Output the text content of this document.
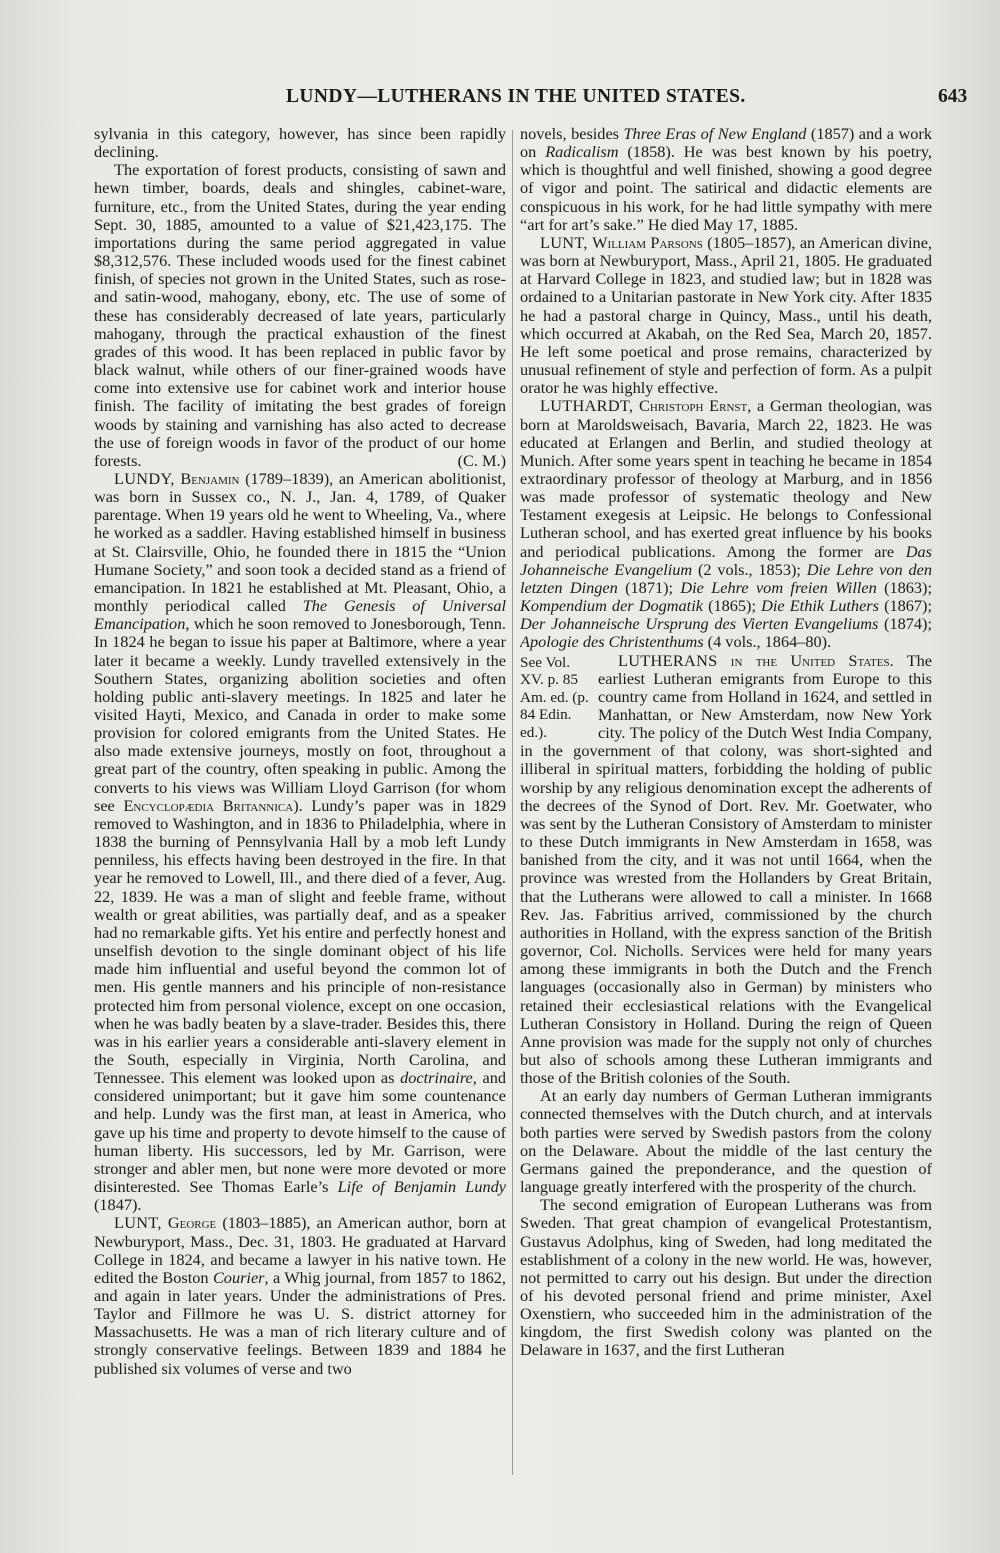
LUNDY—LUTHERANS IN THE UNITED STATES.	643

sylvania in this category, however, has since been rapidly declining.

The exportation of forest products, consisting of sawn and hewn timber, boards, deals and shingles, cabinet-ware, furniture, etc., from the United States, during the year ending Sept. 30, 1885, amounted to a value of $21,423,175. The importations during the same period aggregated in value $8,312,576. These included woods used for the finest cabinet finish, of species not grown in the United States, such as rose- and satin-wood, mahogany, ebony, etc. The use of some of these has considerably decreased of late years, particularly mahogany, through the practical exhaustion of the finest grades of this wood. It has been replaced in public favor by black walnut, while others of our finer-grained woods have come into extensive use for cabinet work and interior house finish. The facility of imitating the best grades of foreign woods by staining and varnishing has also acted to decrease the use of foreign woods in favor of the product of our home forests.	(C. M.)

LUNDY, Benjamin (1789–1839), an American abolitionist, was born in Sussex co., N. J., Jan. 4, 1789, of Quaker parentage. When 19 years old he went to Wheeling, Va., where he worked as a saddler. Having established himself in business at St. Clairsville, Ohio, he founded there in 1815 the “Union Humane Society,” and soon took a decided stand as a friend of emancipation. In 1821 he established at Mt. Pleasant, Ohio, a monthly periodical called The Genesis of Universal Emancipation, which he soon removed to Jonesborough, Tenn. In 1824 he began to issue his paper at Baltimore, where a year later it became a weekly. Lundy travelled extensively in the Southern States, organizing abolition societies and often holding public anti-slavery meetings. In 1825 and later he visited Hayti, Mexico, and Canada in order to make some provision for colored emigrants from the United States. He also made extensive journeys, mostly on foot, throughout a great part of the country, often speaking in public. Among the converts to his views was William Lloyd Garrison (for whom see Encyclopædia Britannica). Lundy’s paper was in 1829 removed to Washington, and in 1836 to Philadelphia, where in 1838 the burning of Pennsylvania Hall by a mob left Lundy penniless, his effects having been destroyed in the fire. In that year he removed to Lowell, Ill., and there died of a fever, Aug. 22, 1839. He was a man of slight and feeble frame, without wealth or great abilities, was partially deaf, and as a speaker had no remarkable gifts. Yet his entire and perfectly honest and unselfish devotion to the single dominant object of his life made him influential and useful beyond the common lot of men. His gentle manners and his principle of non-resistance protected him from personal violence, except on one occasion, when he was badly beaten by a slave-trader. Besides this, there was in his earlier years a considerable anti-slavery element in the South, especially in Virginia, North Carolina, and Tennessee. This element was looked upon as doctrinaire, and considered unimportant; but it gave him some countenance and help. Lundy was the first man, at least in America, who gave up his time and property to devote himself to the cause of human liberty. His successors, led by Mr. Garrison, were stronger and abler men, but none were more devoted or more disinterested. See Thomas Earle’s Life of Benjamin Lundy (1847).

LUNT, George (1803–1885), an American author, born at Newburyport, Mass., Dec. 31, 1803. He graduated at Harvard College in 1824, and became a lawyer in his native town. He edited the Boston Courier, a Whig journal, from 1857 to 1862, and again in later years. Under the administrations of Pres. Taylor and Fillmore he was U. S. district attorney for Massachusetts. He was a man of rich literary culture and of strongly conservative feelings. Between 1839 and 1884 he published six volumes of verse and two

novels, besides Three Eras of New England (1857) and a work on Radicalism (1858). He was best known by his poetry, which is thoughtful and well finished, showing a good degree of vigor and point. The satirical and didactic elements are conspicuous in his work, for he had little sympathy with mere “art for art’s sake.” He died May 17, 1885.

LUNT, William Parsons (1805–1857), an American divine, was born at Newburyport, Mass., April 21, 1805. He graduated at Harvard College in 1823, and studied law; but in 1828 was ordained to a Unitarian pastorate in New York city. After 1835 he had a pastoral charge in Quincy, Mass., until his death, which occurred at Akabah, on the Red Sea, March 20, 1857. He left some poetical and prose remains, characterized by unusual refinement of style and perfection of form. As a pulpit orator he was highly effective.

LUTHARDT, Christoph Ernst, a German theologian, was born at Maroldsweisach, Bavaria, March 22, 1823. He was educated at Erlangen and Berlin, and studied theology at Munich. After some years spent in teaching he became in 1854 extraordinary professor of theology at Marburg, and in 1856 was made professor of systematic theology and New Testament exegesis at Leipsic. He belongs to Confessional Lutheran school, and has exerted great influence by his books and periodical publications. Among the former are Das Johanneische Evangelium (2 vols., 1853); Die Lehre von den letzten Dingen (1871); Die Lehre vom freien Willen (1863); Kompendium der Dogmatik (1865); Die Ethik Luthers (1867); Der Johanneische Ursprung des Vierten Evangeliums (1874); Apologie des Christenthums (4 vols., 1864–80).

LUTHERANS in the United States.
See Vol. XV. p. 85 Am. ed. (p. 84 Edin. ed.).
The earliest Lutheran emigrants from Europe to this country came from Holland in 1624, and settled in Manhattan, or New Amsterdam, now New York city. The policy of the Dutch West India Company, in the government of that colony, was short-sighted and illiberal in spiritual matters, forbidding the holding of public worship by any religious denomination except the adherents of the decrees of the Synod of Dort. Rev. Mr. Goetwater, who was sent by the Lutheran Consistory of Amsterdam to minister to these Dutch immigrants in New Amsterdam in 1658, was banished from the city, and it was not until 1664, when the province was wrested from the Hollanders by Great Britain, that the Lutherans were allowed to call a minister. In 1668 Rev. Jas. Fabritius arrived, commissioned by the church authorities in Holland, with the express sanction of the British governor, Col. Nicholls. Services were held for many years among these immigrants in both the Dutch and the French languages (occasionally also in German) by ministers who retained their ecclesiastical relations with the Evangelical Lutheran Consistory in Holland. During the reign of Queen Anne provision was made for the supply not only of churches but also of schools among these Lutheran immigrants and those of the British colonies of the South.

At an early day numbers of German Lutheran immigrants connected themselves with the Dutch church, and at intervals both parties were served by Swedish pastors from the colony on the Delaware. About the middle of the last century the Germans gained the preponderance, and the question of language greatly interfered with the prosperity of the church.

The second emigration of European Lutherans was from Sweden. That great champion of evangelical Protestantism, Gustavus Adolphus, king of Sweden, had long meditated the establishment of a colony in the new world. He was, however, not permitted to carry out his design. But under the direction of his devoted personal friend and prime minister, Axel Oxenstiern, who succeeded him in the administration of the kingdom, the first Swedish colony was planted on the Delaware in 1637, and the first Lutheran
